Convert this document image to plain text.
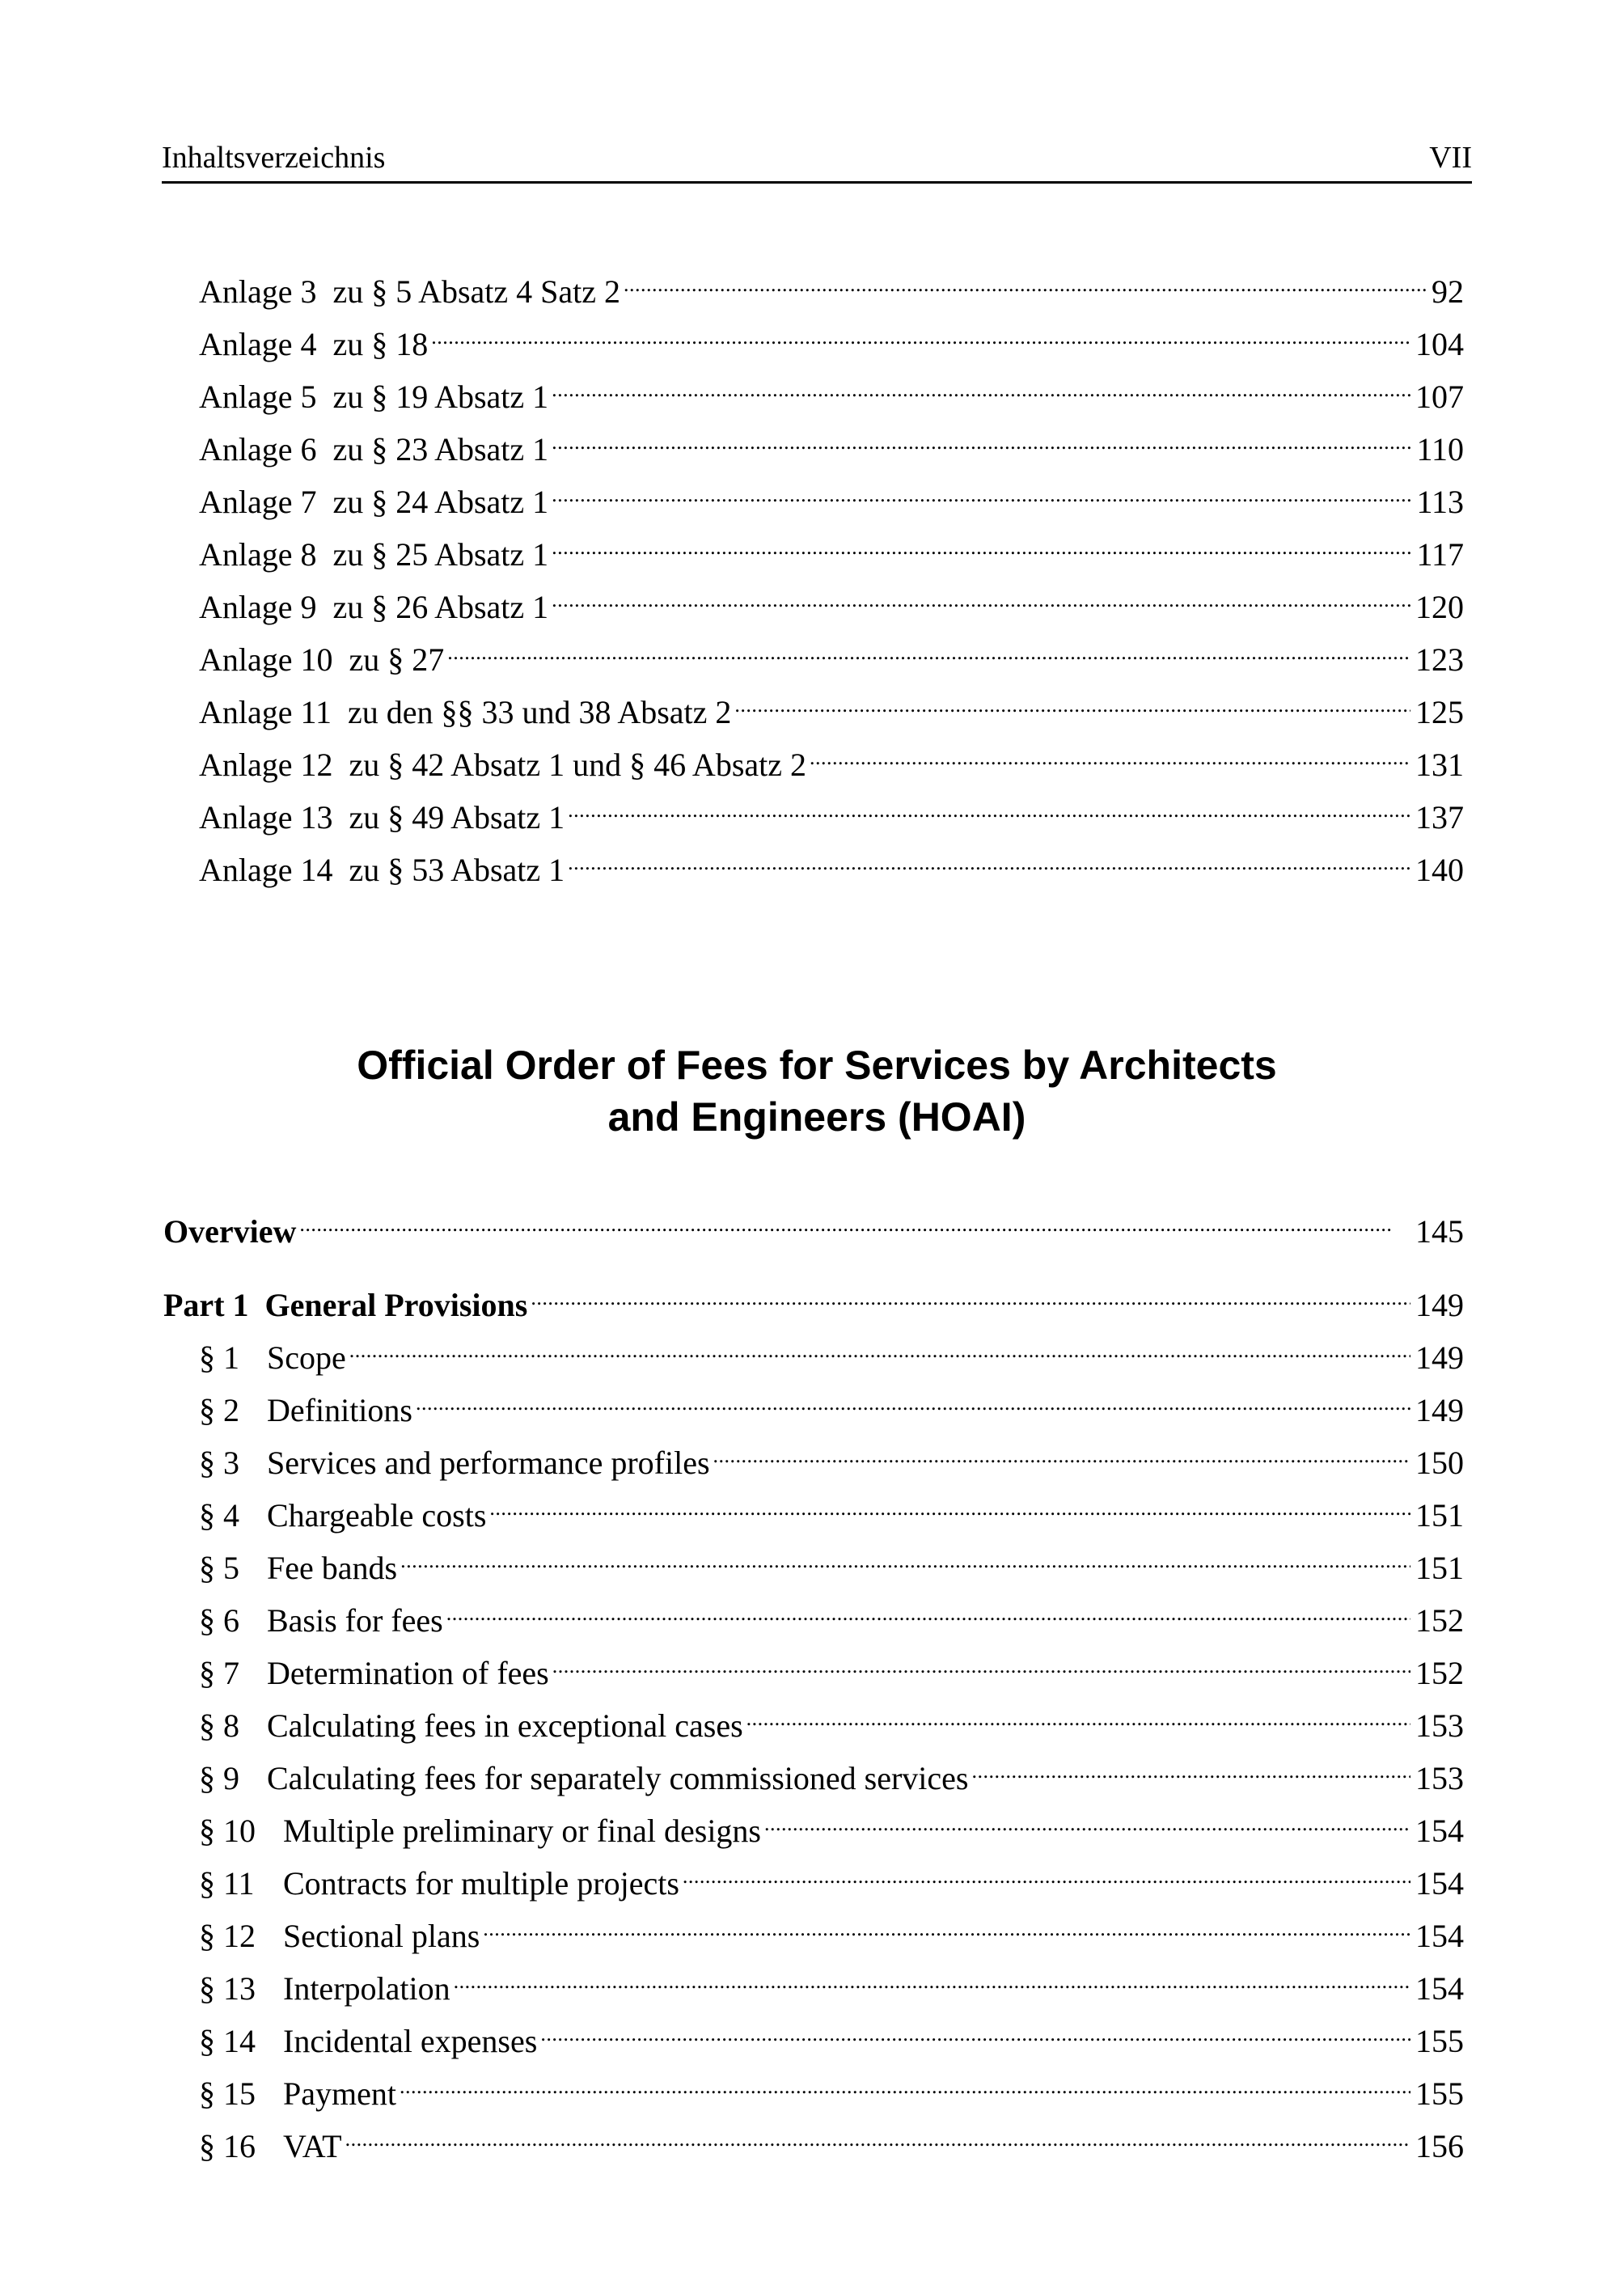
Inhaltsverzeichnis	VII
Anlage 3 zu § 5 Absatz 4 Satz 2 . . .	92
Anlage 4 zu § 18 . . .	104
Anlage 5 zu § 19 Absatz 1 . . .	107
Anlage 6 zu § 23 Absatz 1 . . .	110
Anlage 7 zu § 24 Absatz 1 . . .	113
Anlage 8 zu § 25 Absatz 1 . . .	117
Anlage 9 zu § 26 Absatz 1 . . .	120
Anlage 10 zu § 27 . . .	123
Anlage 11 zu den §§ 33 und 38 Absatz 2 . . .	125
Anlage 12 zu § 42 Absatz 1 und § 46 Absatz 2 . . .	131
Anlage 13 zu § 49 Absatz 1 . . .	137
Anlage 14 zu § 53 Absatz 1 . . .	140
Official Order of Fees for Services by Architects
and Engineers (HOAI)
Overview . . .	145
Part 1 General Provisions . . .	149
§ 1 Scope . . .	149
§ 2 Definitions . . .	149
§ 3 Services and performance profiles . . .	150
§ 4 Chargeable costs . . .	151
§ 5 Fee bands . . .	151
§ 6 Basis for fees . . .	152
§ 7 Determination of fees . . .	152
§ 8 Calculating fees in exceptional cases . . .	153
§ 9 Calculating fees for separately commissioned services . . .	153
§ 10 Multiple preliminary or final designs . . .	154
§ 11 Contracts for multiple projects . . .	154
§ 12 Sectional plans . . .	154
§ 13 Interpolation . . .	154
§ 14 Incidental expenses . . .	155
§ 15 Payment . . .	155
§ 16 VAT . . .	156
